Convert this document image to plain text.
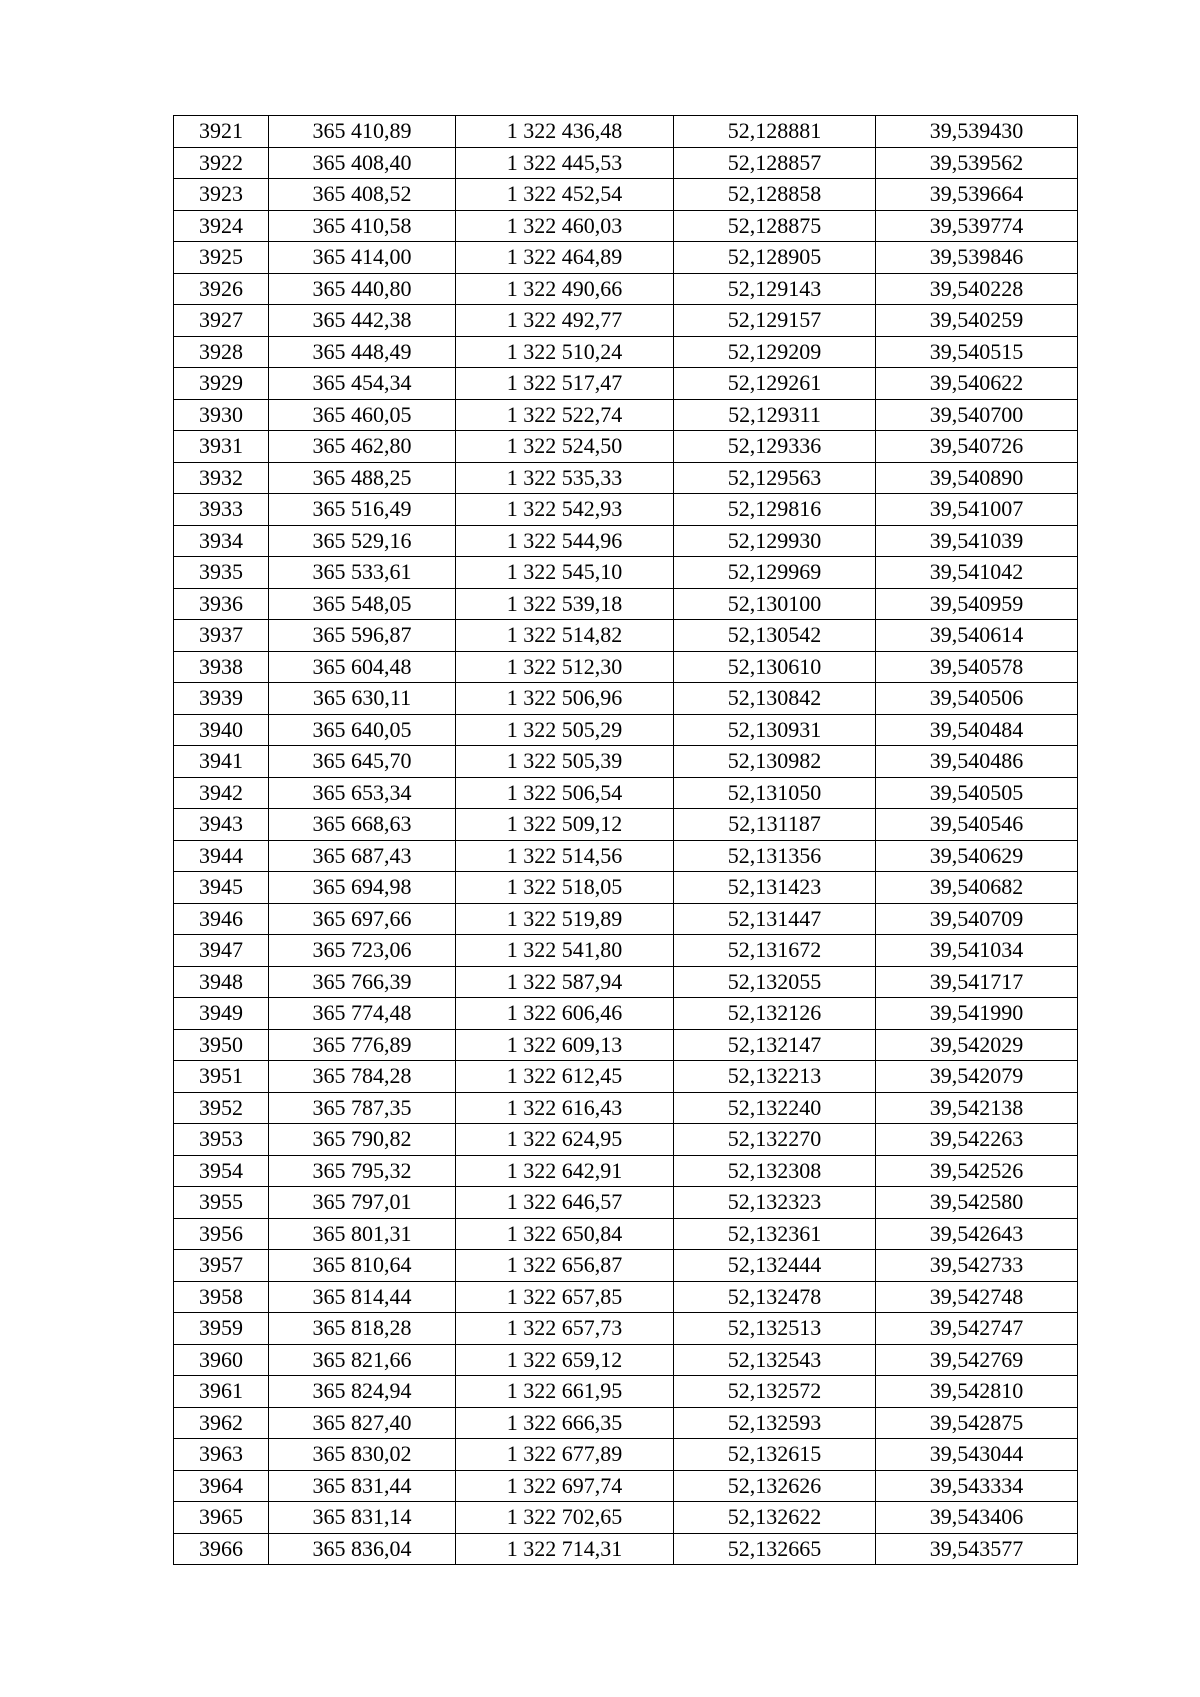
3921	365 410,89	1 322 436,48	52,128881	39,539430
3922	365 408,40	1 322 445,53	52,128857	39,539562
3923	365 408,52	1 322 452,54	52,128858	39,539664
3924	365 410,58	1 322 460,03	52,128875	39,539774
3925	365 414,00	1 322 464,89	52,128905	39,539846
3926	365 440,80	1 322 490,66	52,129143	39,540228
3927	365 442,38	1 322 492,77	52,129157	39,540259
3928	365 448,49	1 322 510,24	52,129209	39,540515
3929	365 454,34	1 322 517,47	52,129261	39,540622
3930	365 460,05	1 322 522,74	52,129311	39,540700
3931	365 462,80	1 322 524,50	52,129336	39,540726
3932	365 488,25	1 322 535,33	52,129563	39,540890
3933	365 516,49	1 322 542,93	52,129816	39,541007
3934	365 529,16	1 322 544,96	52,129930	39,541039
3935	365 533,61	1 322 545,10	52,129969	39,541042
3936	365 548,05	1 322 539,18	52,130100	39,540959
3937	365 596,87	1 322 514,82	52,130542	39,540614
3938	365 604,48	1 322 512,30	52,130610	39,540578
3939	365 630,11	1 322 506,96	52,130842	39,540506
3940	365 640,05	1 322 505,29	52,130931	39,540484
3941	365 645,70	1 322 505,39	52,130982	39,540486
3942	365 653,34	1 322 506,54	52,131050	39,540505
3943	365 668,63	1 322 509,12	52,131187	39,540546
3944	365 687,43	1 322 514,56	52,131356	39,540629
3945	365 694,98	1 322 518,05	52,131423	39,540682
3946	365 697,66	1 322 519,89	52,131447	39,540709
3947	365 723,06	1 322 541,80	52,131672	39,541034
3948	365 766,39	1 322 587,94	52,132055	39,541717
3949	365 774,48	1 322 606,46	52,132126	39,541990
3950	365 776,89	1 322 609,13	52,132147	39,542029
3951	365 784,28	1 322 612,45	52,132213	39,542079
3952	365 787,35	1 322 616,43	52,132240	39,542138
3953	365 790,82	1 322 624,95	52,132270	39,542263
3954	365 795,32	1 322 642,91	52,132308	39,542526
3955	365 797,01	1 322 646,57	52,132323	39,542580
3956	365 801,31	1 322 650,84	52,132361	39,542643
3957	365 810,64	1 322 656,87	52,132444	39,542733
3958	365 814,44	1 322 657,85	52,132478	39,542748
3959	365 818,28	1 322 657,73	52,132513	39,542747
3960	365 821,66	1 322 659,12	52,132543	39,542769
3961	365 824,94	1 322 661,95	52,132572	39,542810
3962	365 827,40	1 322 666,35	52,132593	39,542875
3963	365 830,02	1 322 677,89	52,132615	39,543044
3964	365 831,44	1 322 697,74	52,132626	39,543334
3965	365 831,14	1 322 702,65	52,132622	39,543406
3966	365 836,04	1 322 714,31	52,132665	39,543577
